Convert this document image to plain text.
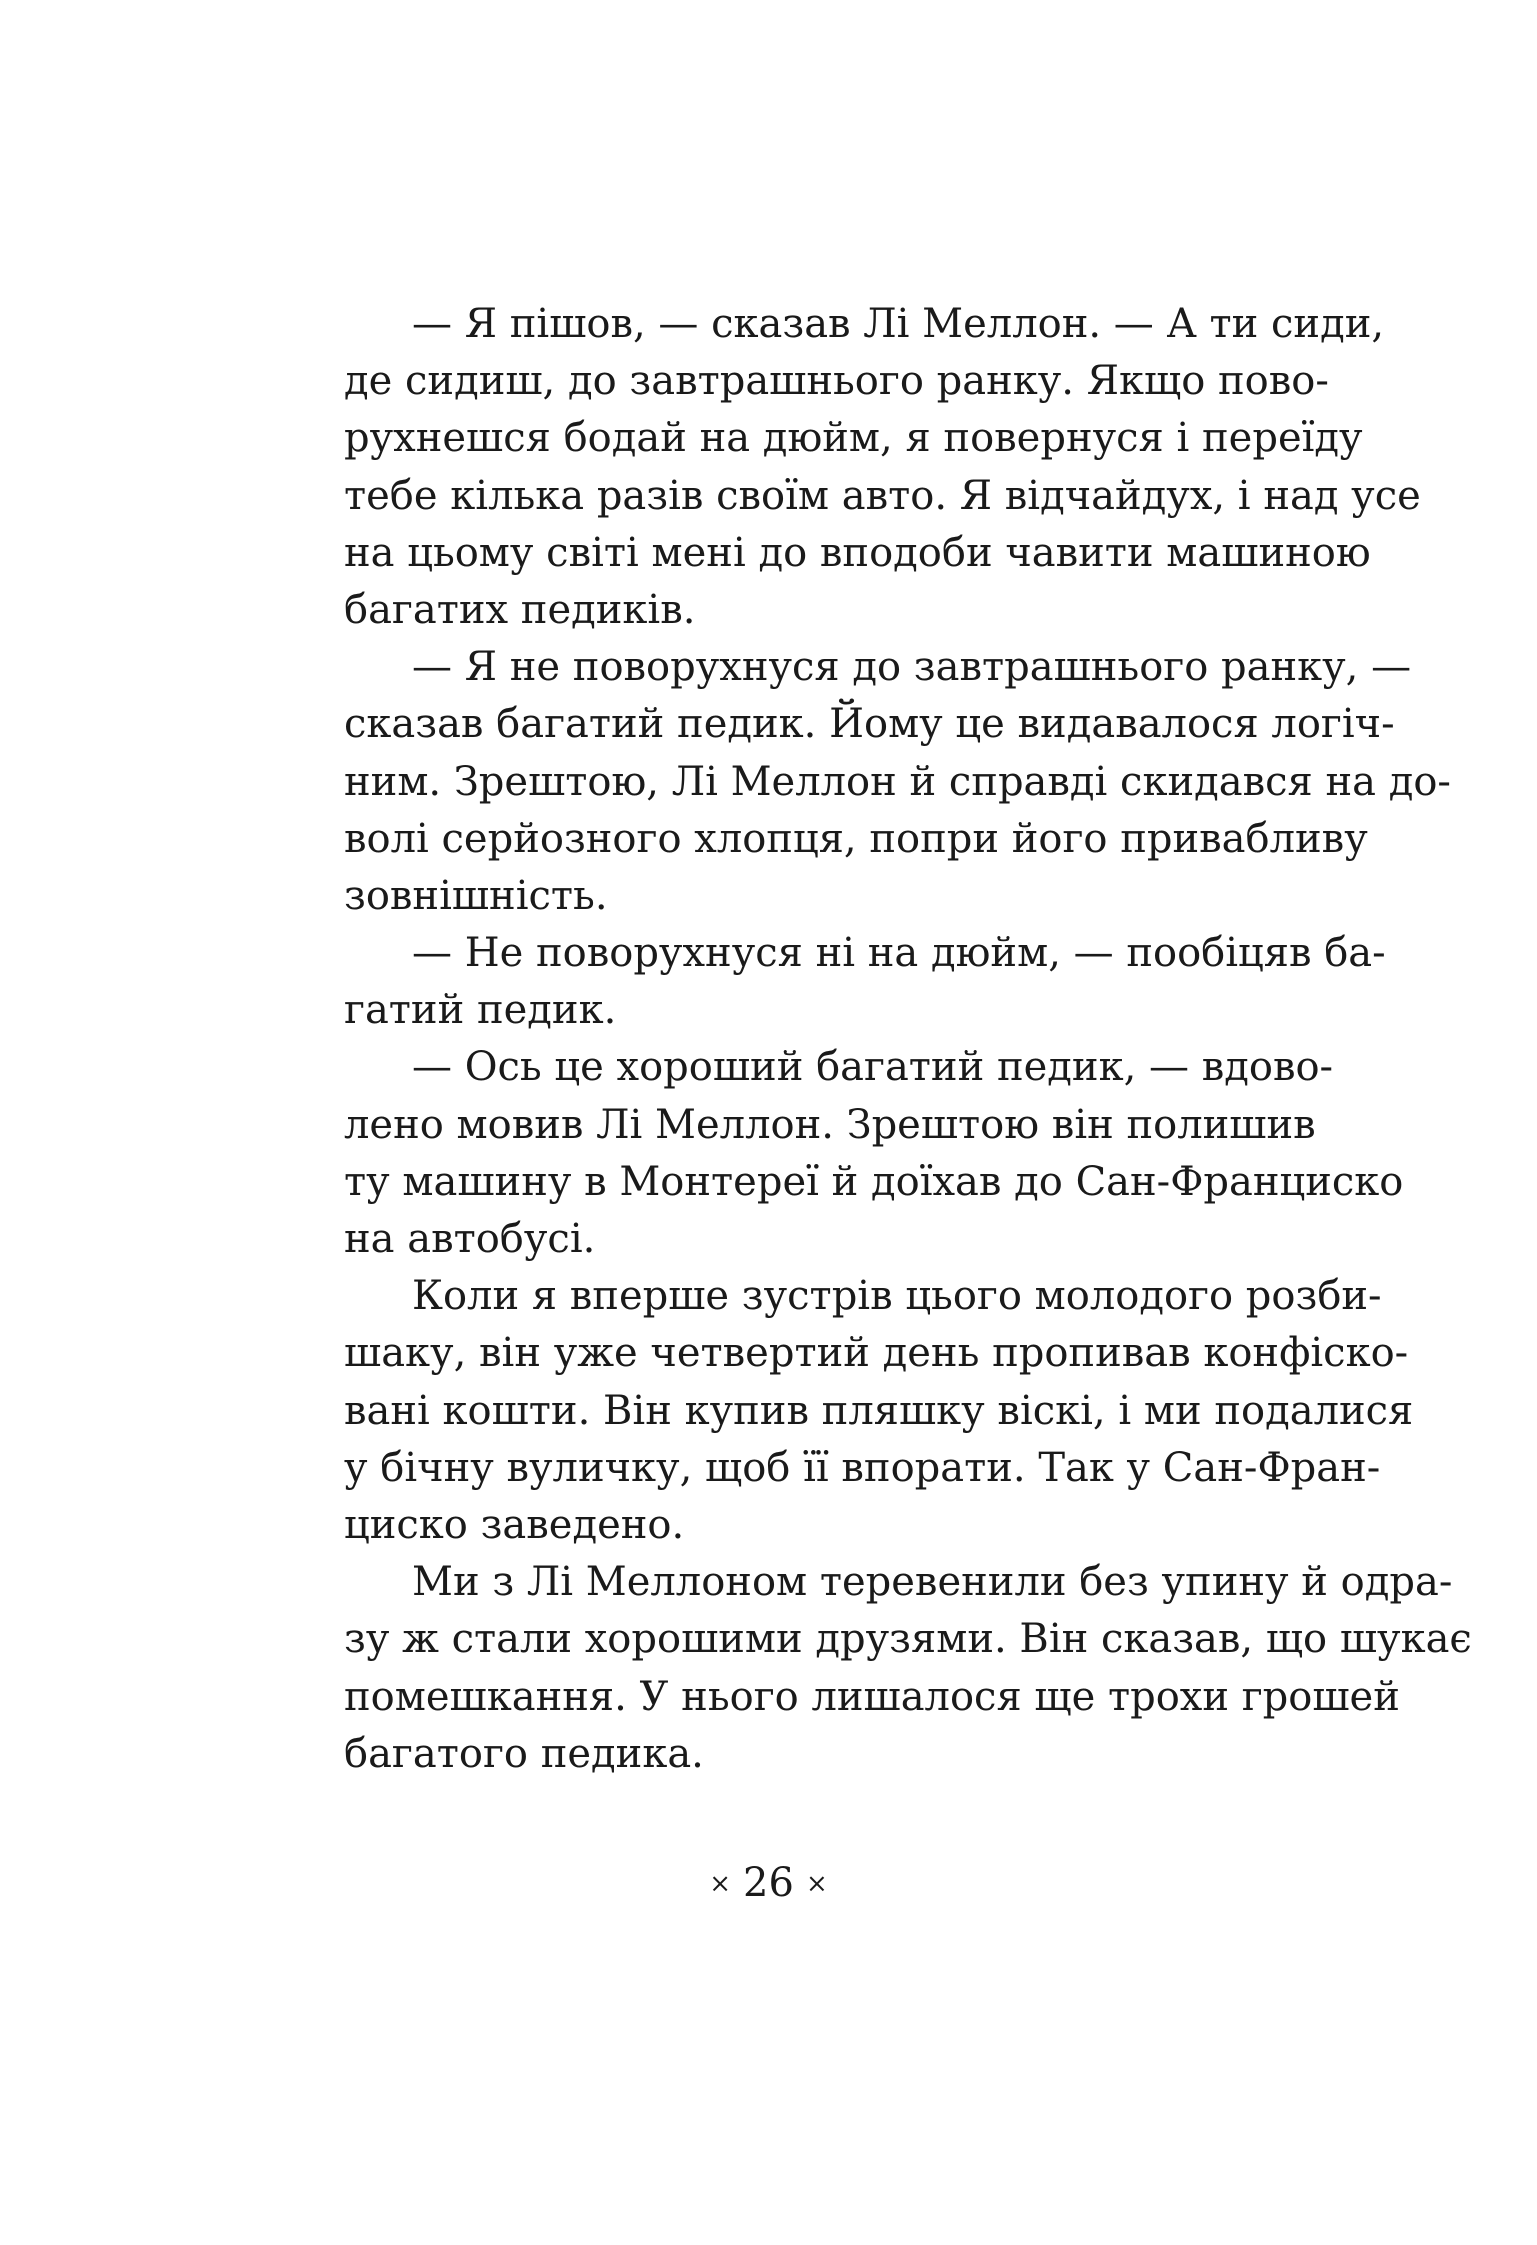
— Я пішов, — сказав Лі Меллон. — А ти сиди,
де сидиш, до завтрашнього ранку. Якщо пово-
рухнешся бодай на дюйм, я повернуся і переїду
тебе кілька разів своїм авто. Я відчайдух, і над усе
на цьому світі мені до вподоби чавити машиною
багатих педиків.
— Я не поворухнуся до завтрашнього ранку, —
сказав багатий педик. Йому це видавалося логіч-
ним. Зрештою, Лі Меллон й справді скидався на до-
волі серйозного хлопця, попри його привабливу
зовнішність.
— Не поворухнуся ні на дюйм, — пообіцяв ба-
гатий педик.
— Ось це хороший багатий педик, — вдово-
лено мовив Лі Меллон. Зрештою він полишив
ту машину в Монтереї й доїхав до Сан-Франциско
на автобусі.
Коли я вперше зустрів цього молодого розби-
шаку, він уже четвертий день пропивав конфіско-
вані кошти. Він купив пляшку віскі, і ми подалися
у бічну вуличку, щоб її впорати. Так у Сан-Фран-
циско заведено.
Ми з Лі Меллоном теревенили без упину й одра-
зу ж стали хорошими друзями. Він сказав, що шукає
помешкання. У нього лишалося ще трохи грошей
багатого педика.
× 26 ×
